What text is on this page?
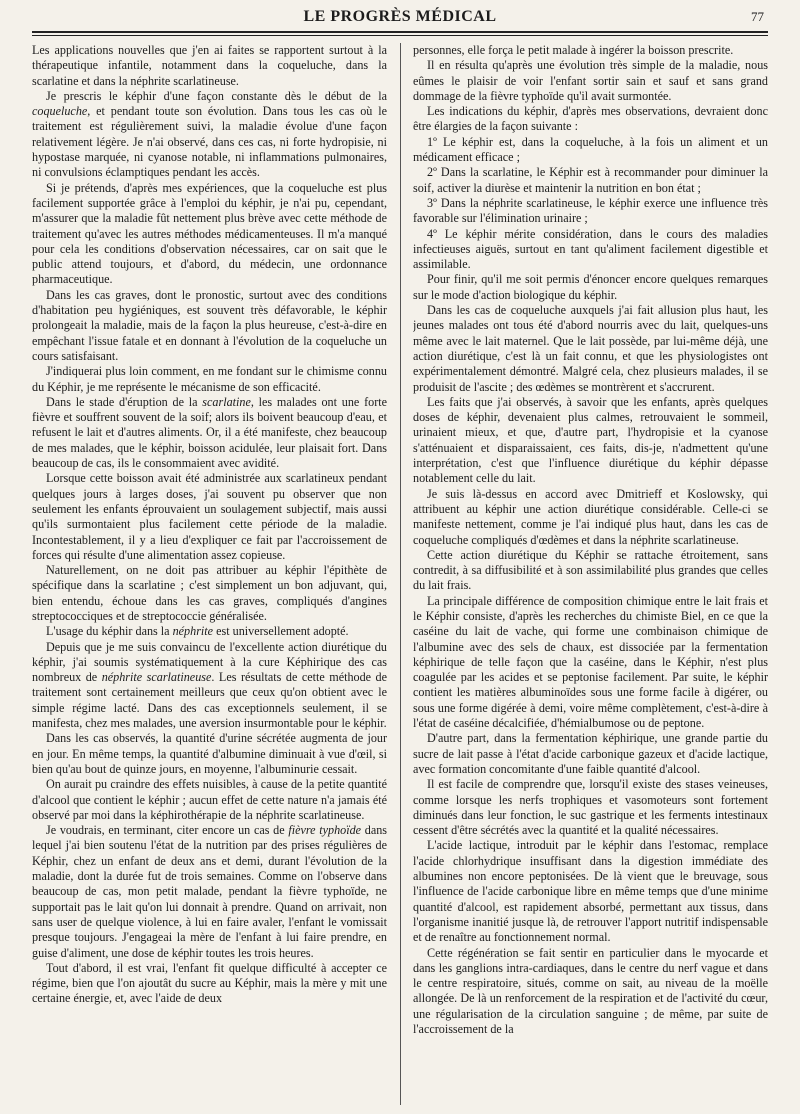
LE PROGRÈS MÉDICAL	77

Les applications nouvelles que j'en ai faites se rapportent surtout à la thérapeutique infantile, notamment dans la coqueluche, dans la scarlatine et dans la néphrite scarlatineuse.

Je prescris le képhir d'une façon constante dès le début de la coqueluche, et pendant toute son évolution. Dans tous les cas où le traitement est régulièrement suivi, la maladie évolue d'une façon relativement légère. Je n'ai observé, dans ces cas, ni forte hydropisie, ni hypostase marquée, ni cyanose notable, ni inflammations pulmonaires, ni convulsions éclamptiques pendant les accès.

Si je prétends, d'après mes expériences, que la coqueluche est plus facilement supportée grâce à l'emploi du képhir, je n'ai pu, cependant, m'assurer que la maladie fût nettement plus brève avec cette méthode de traitement qu'avec les autres méthodes médicamenteuses. Il m'a manqué pour cela les conditions d'observation nécessaires, car on sait que le public attend toujours, et d'abord, du médecin, une ordonnance pharmaceutique.

Dans les cas graves, dont le pronostic, surtout avec des conditions d'habitation peu hygiéniques, est souvent très défavorable, le képhir prolongeait la maladie, mais de la façon la plus heureuse, c'est-à-dire en empêchant l'issue fatale et en donnant à l'évolution de la coqueluche un cours satisfaisant.

J'indiquerai plus loin comment, en me fondant sur le chimisme connu du Képhir, je me représente le mécanisme de son efficacité.

Dans le stade d'éruption de la scarlatine, les malades ont une forte fièvre et souffrent souvent de la soif; alors ils boivent beaucoup d'eau, et refusent le lait et d'autres aliments. Or, il a été manifeste, chez beaucoup de mes malades, que le képhir, boisson acidulée, leur plaisait fort. Dans beaucoup de cas, ils le consommaient avec avidité.

Lorsque cette boisson avait été administrée aux scarlatineux pendant quelques jours à larges doses, j'ai souvent pu observer que non seulement les enfants éprouvaient un soulagement subjectif, mais aussi qu'ils surmontaient plus facilement cette période de la maladie. Incontestablement, il y a lieu d'expliquer ce fait par l'accroissement de forces qui résulte d'une alimentation assez copieuse.

Naturellement, on ne doit pas attribuer au képhir l'épithète de spécifique dans la scarlatine ; c'est simplement un bon adjuvant, qui, bien entendu, échoue dans les cas graves, compliqués d'angines streptococciques et de streptococcie généralisée.

L'usage du képhir dans la néphrite est universellement adopté.

Depuis que je me suis convaincu de l'excellente action diurétique du képhir, j'ai soumis systématiquement à la cure Képhirique des cas nombreux de néphrite scarlatineuse. Les résultats de cette méthode de traitement sont certainement meilleurs que ceux qu'on obtient avec le simple régime lacté. Dans des cas exceptionnels seulement, il se manifesta, chez mes malades, une aversion insurmontable pour le képhir.

Dans les cas observés, la quantité d'urine sécrétée augmenta de jour en jour. En même temps, la quantité d'albumine diminuait à vue d'œil, si bien qu'au bout de quinze jours, en moyenne, l'albuminurie cessait.

On aurait pu craindre des effets nuisibles, à cause de la petite quantité d'alcool que contient le képhir ; aucun effet de cette nature n'a jamais été observé par moi dans la képhirothérapie de la néphrite scarlatineuse.

Je voudrais, en terminant, citer encore un cas de fièvre typhoïde dans lequel j'ai bien soutenu l'état de la nutrition par des prises régulières de Képhir, chez un enfant de deux ans et demi, durant l'évolution de la maladie, dont la durée fut de trois semaines. Comme on l'observe dans beaucoup de cas, mon petit malade, pendant la fièvre typhoïde, ne supportait pas le lait qu'on lui donnait à prendre. Quand on arrivait, non sans user de quelque violence, à lui en faire avaler, l'enfant le vomissait presque toujours. J'engageai la mère de l'enfant à lui faire prendre, en guise d'aliment, une dose de képhir toutes les trois heures.

Tout d'abord, il est vrai, l'enfant fit quelque difficulté à accepter ce régime, bien que l'on ajoutât du sucre au Képhir, mais la mère y mit une certaine énergie, et, avec l'aide de deux

personnes, elle força le petit malade à ingérer la boisson prescrite.

Il en résulta qu'après une évolution très simple de la maladie, nous eûmes le plaisir de voir l'enfant sortir sain et sauf et sans grand dommage de la fièvre typhoïde qu'il avait surmontée.

Les indications du képhir, d'après mes observations, devraient donc être élargies de la façon suivante :

1º Le képhir est, dans la coqueluche, à la fois un aliment et un médicament efficace ;

2º Dans la scarlatine, le Képhir est à recommander pour diminuer la soif, activer la diurèse et maintenir la nutrition en bon état ;

3º Dans la néphrite scarlatineuse, le képhir exerce une influence très favorable sur l'élimination urinaire ;

4º Le képhir mérite considération, dans le cours des maladies infectieuses aiguës, surtout en tant qu'aliment facilement digestible et assimilable.

Pour finir, qu'il me soit permis d'énoncer encore quelques remarques sur le mode d'action biologique du képhir.

Dans les cas de coqueluche auxquels j'ai fait allusion plus haut, les jeunes malades ont tous été d'abord nourris avec du lait, quelques-uns même avec le lait maternel. Que le lait possède, par lui-même déjà, une action diurétique, c'est là un fait connu, et que les physiologistes ont expérimentalement démontré. Malgré cela, chez plusieurs malades, il se produisit de l'ascite ; des œdèmes se montrèrent et s'accrurent.

Les faits que j'ai observés, à savoir que les enfants, après quelques doses de képhir, devenaient plus calmes, retrouvaient le sommeil, urinaient mieux, et que, d'autre part, l'hydropisie et la cyanose s'atténuaient et disparaissaient, ces faits, dis-je, n'admettent qu'une interprétation, c'est que l'influence diurétique du képhir dépasse notablement celle du lait.

Je suis là-dessus en accord avec Dmitrieff et Koslowsky, qui attribuent au képhir une action diurétique considérable. Celle-ci se manifeste nettement, comme je l'ai indiqué plus haut, dans les cas de coqueluche compliqués d'œdèmes et dans la néphrite scarlatineuse.

Cette action diurétique du Képhir se rattache étroitement, sans contredit, à sa diffusibilité et à son assimilabilité plus grandes que celles du lait frais.

La principale différence de composition chimique entre le lait frais et le Képhir consiste, d'après les recherches du chimiste Biel, en ce que la caséine du lait de vache, qui forme une combinaison chimique de l'albumine avec des sels de chaux, est dissociée par la fermentation képhirique de telle façon que la caséine, dans le Képhir, n'est plus coagulée par les acides et se peptonise facilement. Par suite, le képhir contient les matières albuminoïdes sous une forme facile à digérer, ou sous une forme digérée à demi, voire même complètement, c'est-à-dire à l'état de caséine décalcifiée, d'hémialbumose ou de peptone.

D'autre part, dans la fermentation képhirique, une grande partie du sucre de lait passe à l'état d'acide carbonique gazeux et d'acide lactique, avec formation concomitante d'une faible quantité d'alcool.

Il est facile de comprendre que, lorsqu'il existe des stases veineuses, comme lorsque les nerfs trophiques et vasomoteurs sont fortement diminués dans leur fonction, le suc gastrique et les ferments intestinaux cessent d'être sécrétés avec la quantité et la qualité nécessaires.

L'acide lactique, introduit par le képhir dans l'estomac, remplace l'acide chlorhydrique insuffisant dans la digestion immédiate des albumines non encore peptonisées. De là vient que le breuvage, sous l'influence de l'acide carbonique libre en même temps que d'une minime quantité d'alcool, est rapidement absorbé, permettant aux tissus, dans l'organisme inanitié jusque là, de retrouver l'apport nutritif indispensable et de renaître au fonctionnement normal.

Cette régénération se fait sentir en particulier dans le myocarde et dans les ganglions intra-cardiaques, dans le centre du nerf vague et dans le centre respiratoire, situés, comme on sait, au niveau de la moëlle allongée. De là un renforcement de la respiration et de l'activité du cœur, une régularisation de la circulation sanguine ; de même, par suite de l'accroissement de la
